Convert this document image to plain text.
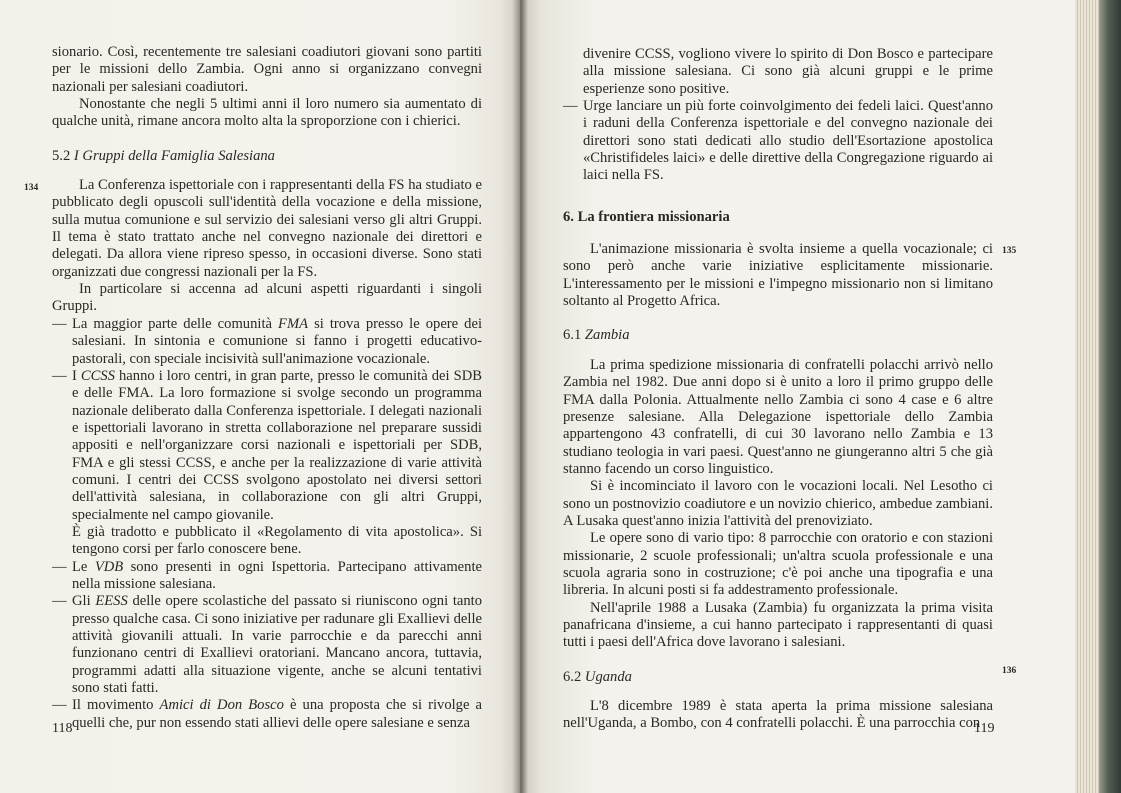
sionario. Così, recentemente tre salesiani coadiutori giovani sono partiti per le missioni dello Zambia. Ogni anno si organizzano convegni nazionali per salesiani coadiutori.

Nonostante che negli 5 ultimi anni il loro numero sia aumentato di qualche unità, rimane ancora molto alta la sproporzione con i chierici.

5.2 I Gruppi della Famiglia Salesiana

La Conferenza ispettoriale con i rappresentanti della FS ha studiato e pubblicato degli opuscoli sull'identità della vocazione e della missione, sulla mutua comunione e sul servizio dei salesiani verso gli altri Gruppi. Il tema è stato trattato anche nel convegno nazionale dei direttori e delegati. Da allora viene ripreso spesso, in occasioni diverse. Sono stati organizzati due congressi nazionali per la FS.

In particolare si accenna ad alcuni aspetti riguardanti i singoli Gruppi.

— La maggior parte delle comunità FMA si trova presso le opere dei salesiani. In sintonia e comunione si fanno i progetti educativo-pastorali, con speciale incisività sull'animazione vocazionale.

— I CCSS hanno i loro centri, in gran parte, presso le comunità dei SDB e delle FMA. La loro formazione si svolge secondo un programma nazionale deliberato dalla Conferenza ispettoriale. I delegati nazionali e ispettoriali lavorano in stretta collaborazione nel preparare sussidi appositi e nell'organizzare corsi nazionali e ispettoriali per SDB, FMA e gli stessi CCSS, e anche per la realizzazione di varie attività comuni. I centri dei CCSS svolgono apostolato nei diversi settori dell'attività salesiana, in collaborazione con gli altri Gruppi, specialmente nel campo giovanile.

È già tradotto e pubblicato il «Regolamento di vita apostolica». Si tengono corsi per farlo conoscere bene.

— Le VDB sono presenti in ogni Ispettoria. Partecipano attivamente nella missione salesiana.

— Gli EESS delle opere scolastiche del passato si riuniscono ogni tanto presso qualche casa. Ci sono iniziative per radunare gli Exallievi delle attività giovanili attuali. In varie parrocchie e da parecchi anni funzionano centri di Exallievi oratoriani. Mancano ancora, tuttavia, programmi adatti alla situazione vigente, anche se alcuni tentativi sono stati fatti.

— Il movimento Amici di Don Bosco è una proposta che si rivolge a quelli che, pur non essendo stati allievi delle opere salesiane e senza

134
118

divenire CCSS, vogliono vivere lo spirito di Don Bosco e partecipare alla missione salesiana. Ci sono già alcuni gruppi e le prime esperienze sono positive.

— Urge lanciare un più forte coinvolgimento dei fedeli laici. Quest'anno i raduni della Conferenza ispettoriale e del convegno nazionale dei direttori sono stati dedicati allo studio dell'Esortazione apostolica «Christifideles laici» e delle direttive della Congregazione riguardo ai laici nella FS.

6. La frontiera missionaria

L'animazione missionaria è svolta insieme a quella vocazionale; ci sono però anche varie iniziative esplicitamente missionarie. L'interessamento per le missioni e l'impegno missionario non si limitano soltanto al Progetto Africa.

6.1 Zambia

La prima spedizione missionaria di confratelli polacchi arrivò nello Zambia nel 1982. Due anni dopo si è unito a loro il primo gruppo delle FMA dalla Polonia. Attualmente nello Zambia ci sono 4 case e 6 altre presenze salesiane. Alla Delegazione ispettoriale dello Zambia appartengono 43 confratelli, di cui 30 lavorano nello Zambia e 13 studiano teologia in vari paesi. Quest'anno ne giungeranno altri 5 che già stanno facendo un corso linguistico.

Si è incominciato il lavoro con le vocazioni locali. Nel Lesotho ci sono un postnovizio coadiutore e un novizio chierico, ambedue zambiani. A Lusaka quest'anno inizia l'attività del prenoviziato.

Le opere sono di vario tipo: 8 parrocchie con oratorio e con stazioni missionarie, 2 scuole professionali; un'altra scuola professionale e una scuola agraria sono in costruzione; c'è poi anche una tipografia e una libreria. In alcuni posti si fa addestramento professionale.

Nell'aprile 1988 a Lusaka (Zambia) fu organizzata la prima visita panafricana d'insieme, a cui hanno partecipato i rappresentanti di quasi tutti i paesi dell'Africa dove lavorano i salesiani.

6.2 Uganda

L'8 dicembre 1989 è stata aperta la prima missione salesiana nell'Uganda, a Bombo, con 4 confratelli polacchi. È una parrocchia con

135
136
119
